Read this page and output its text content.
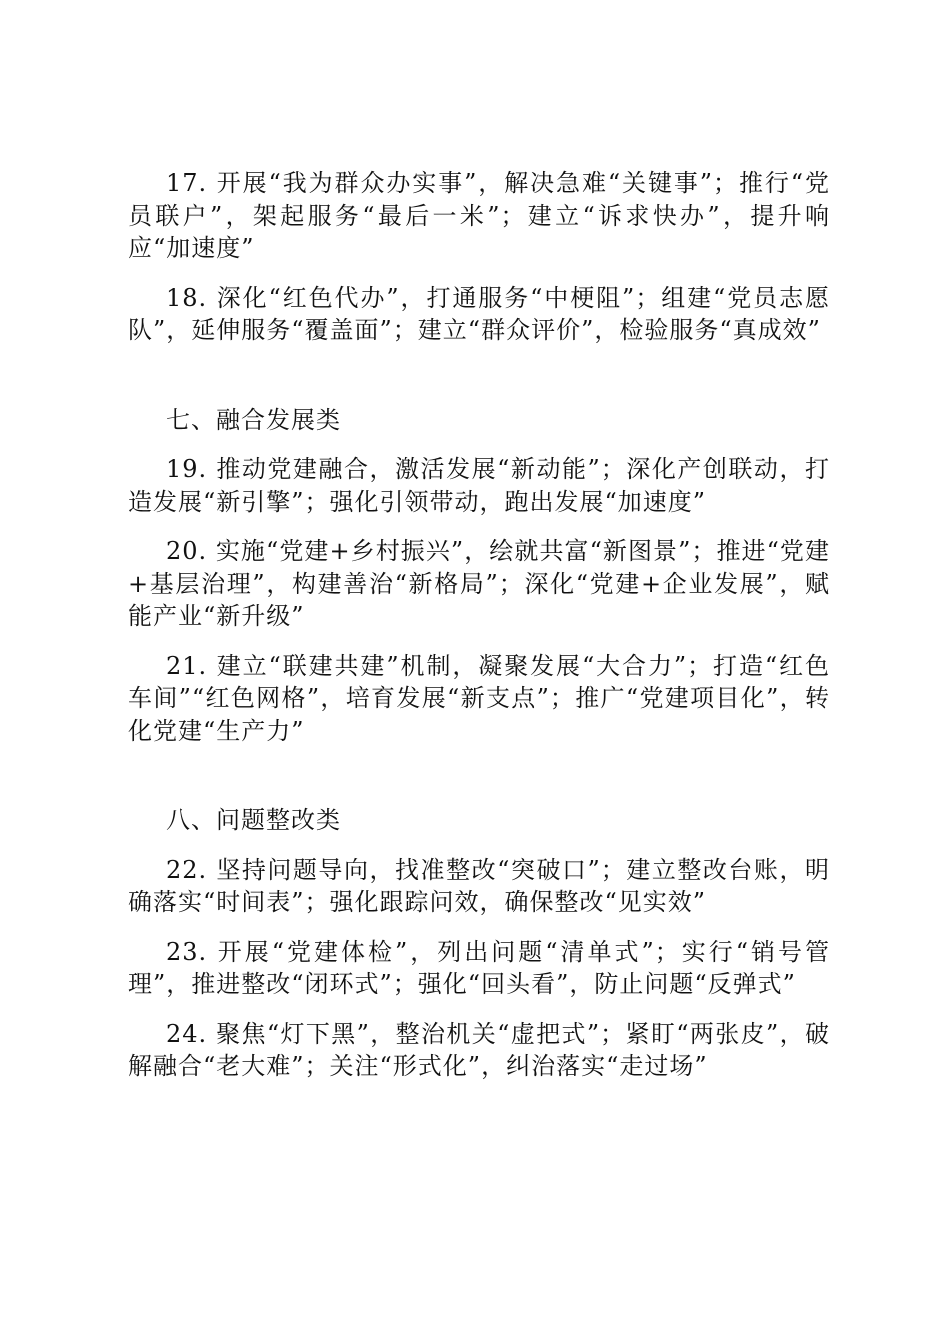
17. 开展“我为群众办实事”，解决急难“关键事”；推行“党员联户”，架起服务“最后一米”；建立“诉求快办”，提升响应“加速度”

18. 深化“红色代办”，打通服务“中梗阻”；组建“党员志愿队”，延伸服务“覆盖面”；建立“群众评价”，检验服务“真成效”

七、融合发展类

19. 推动党建融合，激活发展“新动能”；深化产创联动，打造发展“新引擎”；强化引领带动，跑出发展“加速度”

20. 实施“党建+乡村振兴”，绘就共富“新图景”；推进“党建+基层治理”，构建善治“新格局”；深化“党建+企业发展”，赋能产业“新升级”

21. 建立“联建共建”机制，凝聚发展“大合力”；打造“红色车间”“红色网格”，培育发展“新支点”；推广“党建项目化”，转化党建“生产力”

八、问题整改类

22. 坚持问题导向，找准整改“突破口”；建立整改台账，明确落实“时间表”；强化跟踪问效，确保整改“见实效”

23. 开展“党建体检”，列出问题“清单式”；实行“销号管理”，推进整改“闭环式”；强化“回头看”，防止问题“反弹式”

24. 聚焦“灯下黑”，整治机关“虚把式”；紧盯“两张皮”，破解融合“老大难”；关注“形式化”，纠治落实“走过场”
